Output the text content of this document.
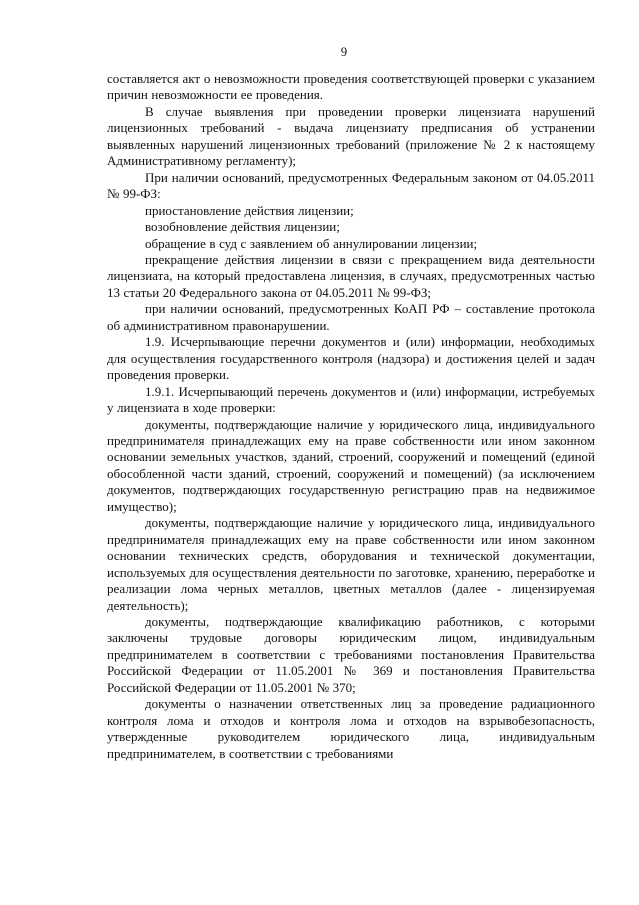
9

составляется акт о невозможности проведения соответствующей проверки с указанием причин невозможности ее проведения.

В случае выявления при проведении проверки лицензиата нарушений лицензионных требований - выдача лицензиату предписания об устранении выявленных нарушений лицензионных требований (приложение № 2 к настоящему Административному регламенту);

При наличии оснований, предусмотренных Федеральным законом от 04.05.2011 № 99-ФЗ:

приостановление действия лицензии;

возобновление действия лицензии;

обращение в суд с заявлением об аннулировании лицензии;

прекращение действия лицензии в связи с прекращением вида деятельности лицензиата, на который предоставлена лицензия, в случаях, предусмотренных частью 13 статьи 20 Федерального закона от 04.05.2011 № 99-ФЗ;

при наличии оснований, предусмотренных КоАП РФ – составление протокола об административном правонарушении.

1.9. Исчерпывающие перечни документов и (или) информации, необходимых для осуществления государственного контроля (надзора) и достижения целей и задач проведения проверки.

1.9.1. Исчерпывающий перечень документов и (или) информации, истребуемых у лицензиата в ходе проверки:

документы, подтверждающие наличие у юридического лица, индивидуального предпринимателя принадлежащих ему на праве собственности или ином законном основании земельных участков, зданий, строений, сооружений и помещений (единой обособленной части зданий, строений, сооружений и помещений) (за исключением документов, подтверждающих государственную регистрацию прав на недвижимое имущество);

документы, подтверждающие наличие у юридического лица, индивидуального предпринимателя принадлежащих ему на праве собственности или ином законном основании технических средств, оборудования и технической документации, используемых для осуществления деятельности по заготовке, хранению, переработке и реализации лома черных металлов, цветных металлов (далее - лицензируемая деятельность);

документы, подтверждающие квалификацию работников, с которыми заключены трудовые договоры юридическим лицом, индивидуальным предпринимателем в соответствии с требованиями постановления Правительства Российской Федерации от 11.05.2001 № 369 и постановления Правительства Российской Федерации от 11.05.2001 № 370;

документы о назначении ответственных лиц за проведение радиационного контроля лома и отходов и контроля лома и отходов на взрывобезопасность, утвержденные руководителем юридического лица, индивидуальным предпринимателем, в соответствии с требованиями
